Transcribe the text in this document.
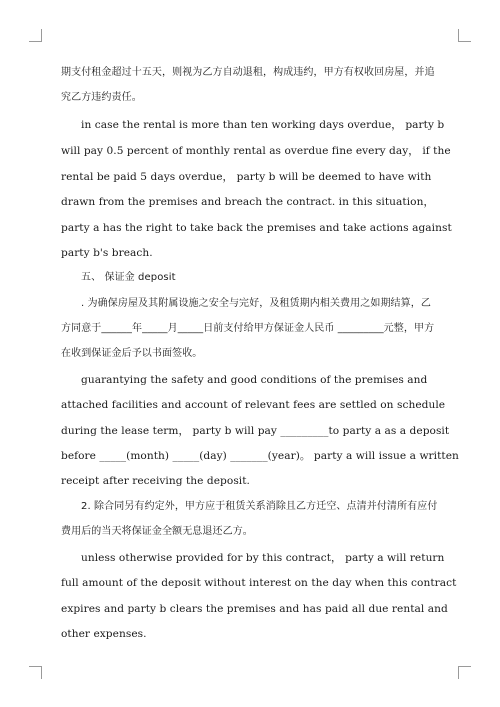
期支付租金超过十五天，则视为乙方自动退租，构成违约，甲方有权收回房屋，并追
究乙方违约责任。
in case the rental is more than ten working days overdue， party b
will pay 0.5 percent of monthly rental as overdue fine every day， if the
rental be paid 5 days overdue， party b will be deemed to have with
drawn from the premises and breach the contract. in this situation，
party a has the right to take back the premises and take actions against
party b's breach.
五、 保证金 deposit
. 为确保房屋及其附属设施之安全与完好，及租赁期内相关费用之如期结算，乙
方同意于______年_____月_____日前支付给甲方保证金人民币 _________元整，甲方
在收到保证金后予以书面签收。
guarantying the safety and good conditions of the premises and
attached facilities and account of relevant fees are settled on schedule
during the lease term， party b will pay _________to party a as a deposit
before _____(month) _____(day) _______(year)。 party a will issue a written
receipt after receiving the deposit.
2. 除合同另有约定外，甲方应于租赁关系消除且乙方迁空、点清并付清所有应付
费用后的当天将保证金全额无息退还乙方。
unless otherwise provided for by this contract， party a will return
full amount of the deposit without interest on the day when this contract
expires and party b clears the premises and has paid all due rental and
other expenses.
